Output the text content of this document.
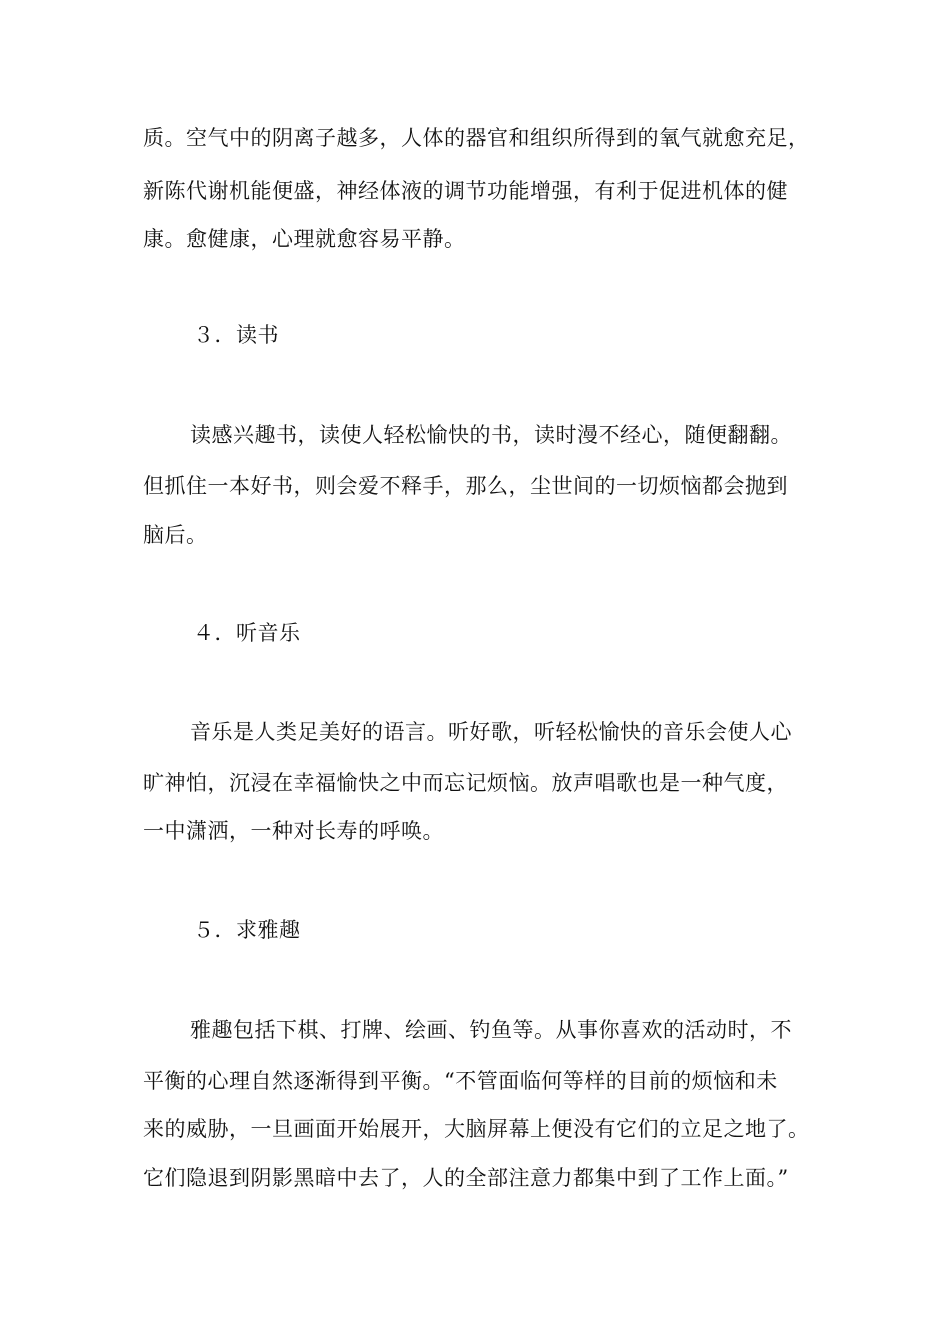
质。空气中的阴离子越多，人体的器官和组织所得到的氧气就愈充足，
新陈代谢机能便盛，神经体液的调节功能增强，有利于促进机体的健
康。愈健康，心理就愈容易平静。
３．读书
读感兴趣书，读使人轻松愉快的书，读时漫不经心，随便翻翻。
但抓住一本好书，则会爱不释手，那么，尘世间的一切烦恼都会抛到
脑后。
４．听音乐
音乐是人类足美好的语言。听好歌，听轻松愉快的音乐会使人心
旷神怕，沉浸在幸福愉快之中而忘记烦恼。放声唱歌也是一种气度，
一中潇洒，一种对长寿的呼唤。
５．求雅趣
雅趣包括下棋、打牌、绘画、钓鱼等。从事你喜欢的活动时，不
平衡的心理自然逐渐得到平衡。“不管面临何等样的目前的烦恼和未
来的威胁，一旦画面开始展开，大脑屏幕上便没有它们的立足之地了。
它们隐退到阴影黑暗中去了，人的全部注意力都集中到了工作上面。”
